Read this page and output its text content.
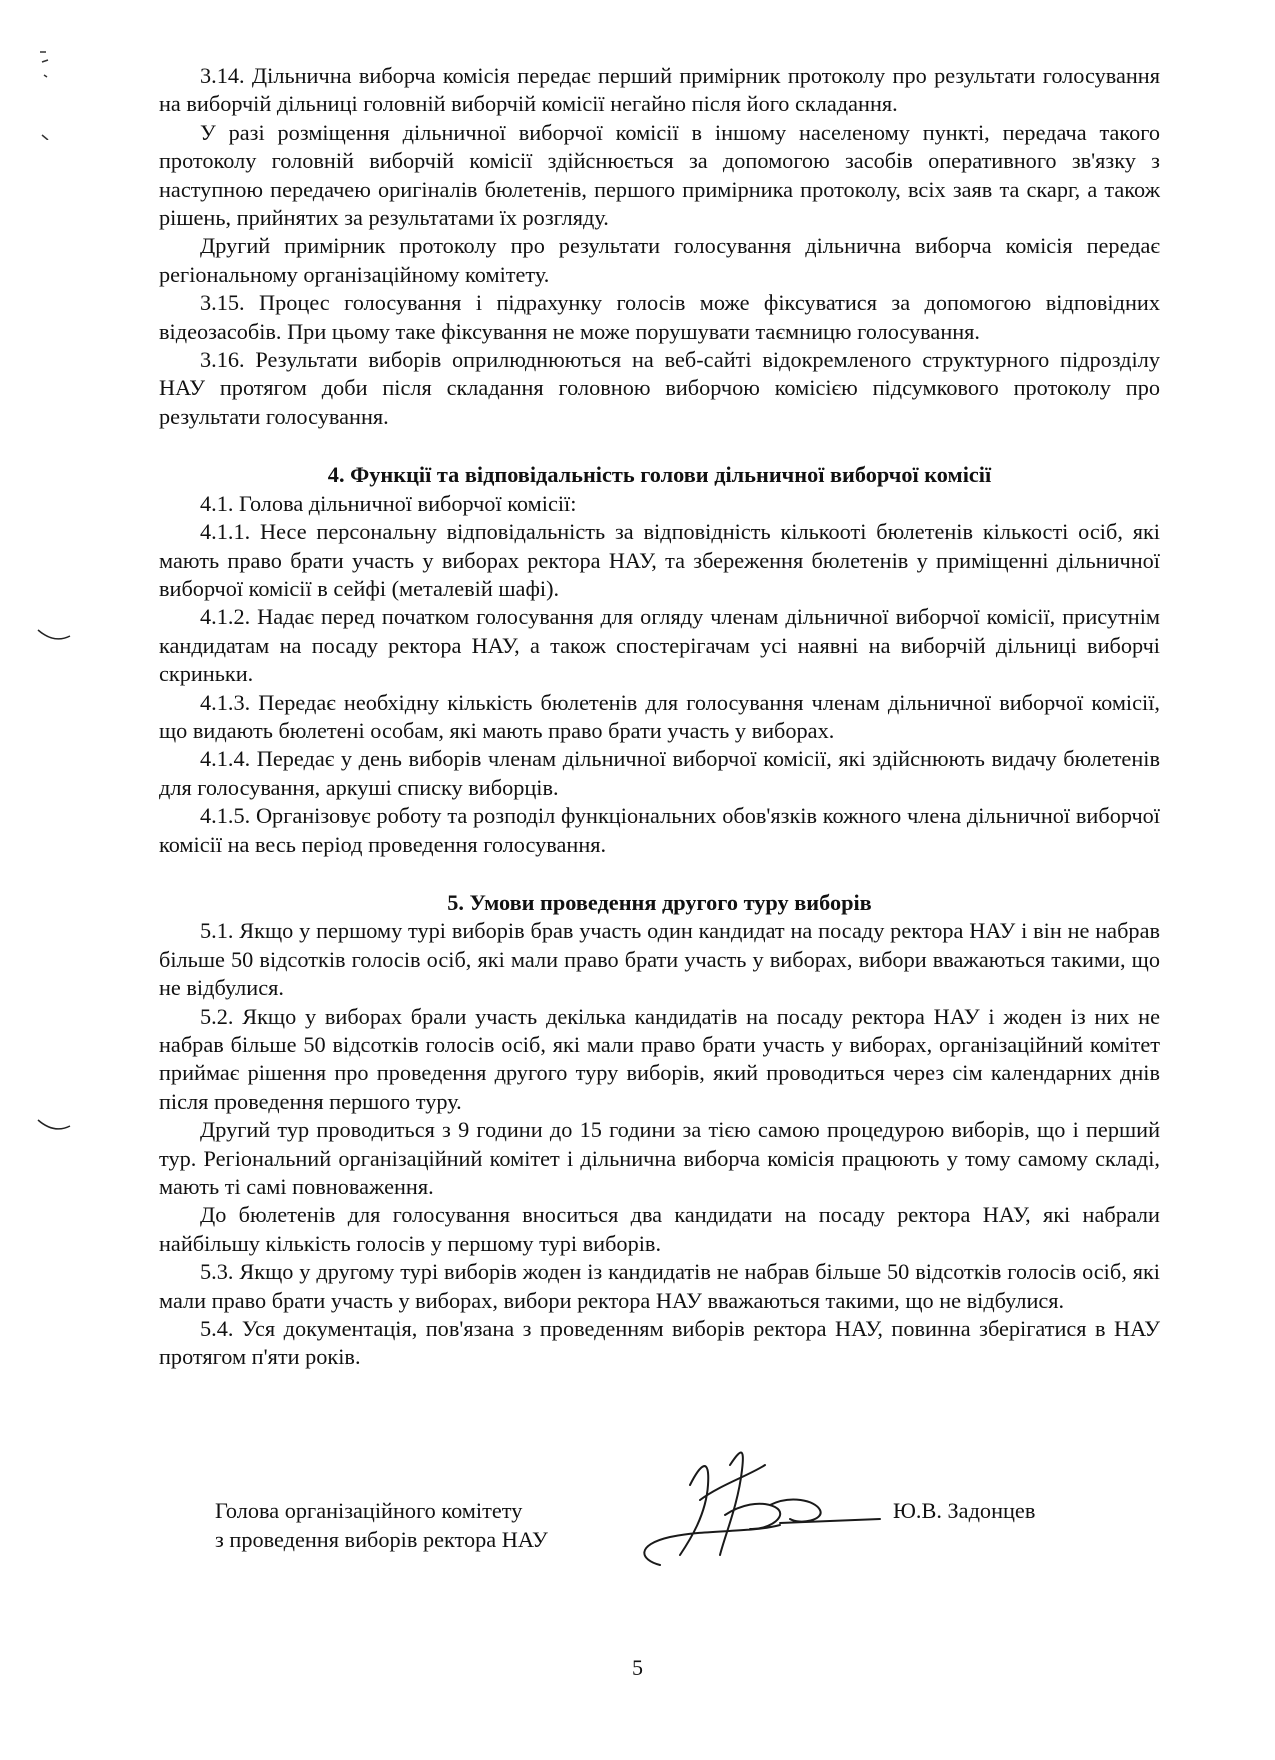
3.14. Дільнична виборча комісія передає перший примірник протоколу про результати голосування на виборчій дільниці головній виборчій комісії негайно після його складання.

У разі розміщення дільничної виборчої комісії в іншому населеному пункті, передача такого протоколу головній виборчій комісії здійснюється за допомогою засобів оперативного зв'язку з наступною передачею оригіналів бюлетенів, першого примірника протоколу, всіх заяв та скарг, а також рішень, прийнятих за результатами їх розгляду.

Другий примірник протоколу про результати голосування дільнична виборча комісія передає регіональному організаційному комітету.

3.15. Процес голосування і підрахунку голосів може фіксуватися за допомогою відповідних відеозасобів. При цьому таке фіксування не може порушувати таємницю голосування.

3.16. Результати виборів оприлюднюються на веб-сайті відокремленого структурного підрозділу НАУ протягом доби після складання головною виборчою комісією підсумкового протоколу про результати голосування.

4. Функції та відповідальність голови дільничної виборчої комісії

4.1. Голова дільничної виборчої комісії:

4.1.1. Несе персональну відповідальність за відповідність кількооті бюлетенів кількості осіб, які мають право брати участь у виборах ректора НАУ, та збереження бюлетенів у приміщенні дільничної виборчої комісії в сейфі (металевій шафі).

4.1.2. Надає перед початком голосування для огляду членам дільничної виборчої комісії, присутнім кандидатам на посаду ректора НАУ, а також спостерігачам усі наявні на виборчій дільниці виборчі скриньки.

4.1.3. Передає необхідну кількість бюлетенів для голосування членам дільничної виборчої комісії, що видають бюлетені особам, які мають право брати участь у виборах.

4.1.4. Передає у день виборів членам дільничної виборчої комісії, які здійснюють видачу бюлетенів для голосування, аркуші списку виборців.

4.1.5. Організовує роботу та розподіл функціональних обов'язків кожного члена дільничної виборчої комісії на весь період проведення голосування.

5. Умови проведення другого туру виборів

5.1. Якщо у першому турі виборів брав участь один кандидат на посаду ректора НАУ і він не набрав більше 50 відсотків голосів осіб, які мали право брати участь у виборах, вибори вважаються такими, що не відбулися.

5.2. Якщо у виборах брали участь декілька кандидатів на посаду ректора НАУ і жоден із них не набрав більше 50 відсотків голосів осіб, які мали право брати участь у виборах, організаційний комітет приймає рішення про проведення другого туру виборів, який проводиться через сім календарних днів після проведення першого туру.

Другий тур проводиться з 9 години до 15 години за тією самою процедурою виборів, що і перший тур. Регіональний організаційний комітет і дільнична виборча комісія працюють у тому самому складі, мають ті самі повноваження.

До бюлетенів для голосування вноситься два кандидати на посаду ректора НАУ, які набрали найбільшу кількість голосів у першому турі виборів.

5.3. Якщо у другому турі виборів жоден із кандидатів не набрав більше 50 відсотків голосів осіб, які мали право брати участь у виборах, вибори ректора НАУ вважаються такими, що не відбулися.

5.4. Уся документація, пов'язана з проведенням виборів ректора НАУ, повинна зберігатися в НАУ протягом п'яти років.

Голова організаційного комітету
з проведення виборів ректора НАУ
Ю.В. Задонцев
5
